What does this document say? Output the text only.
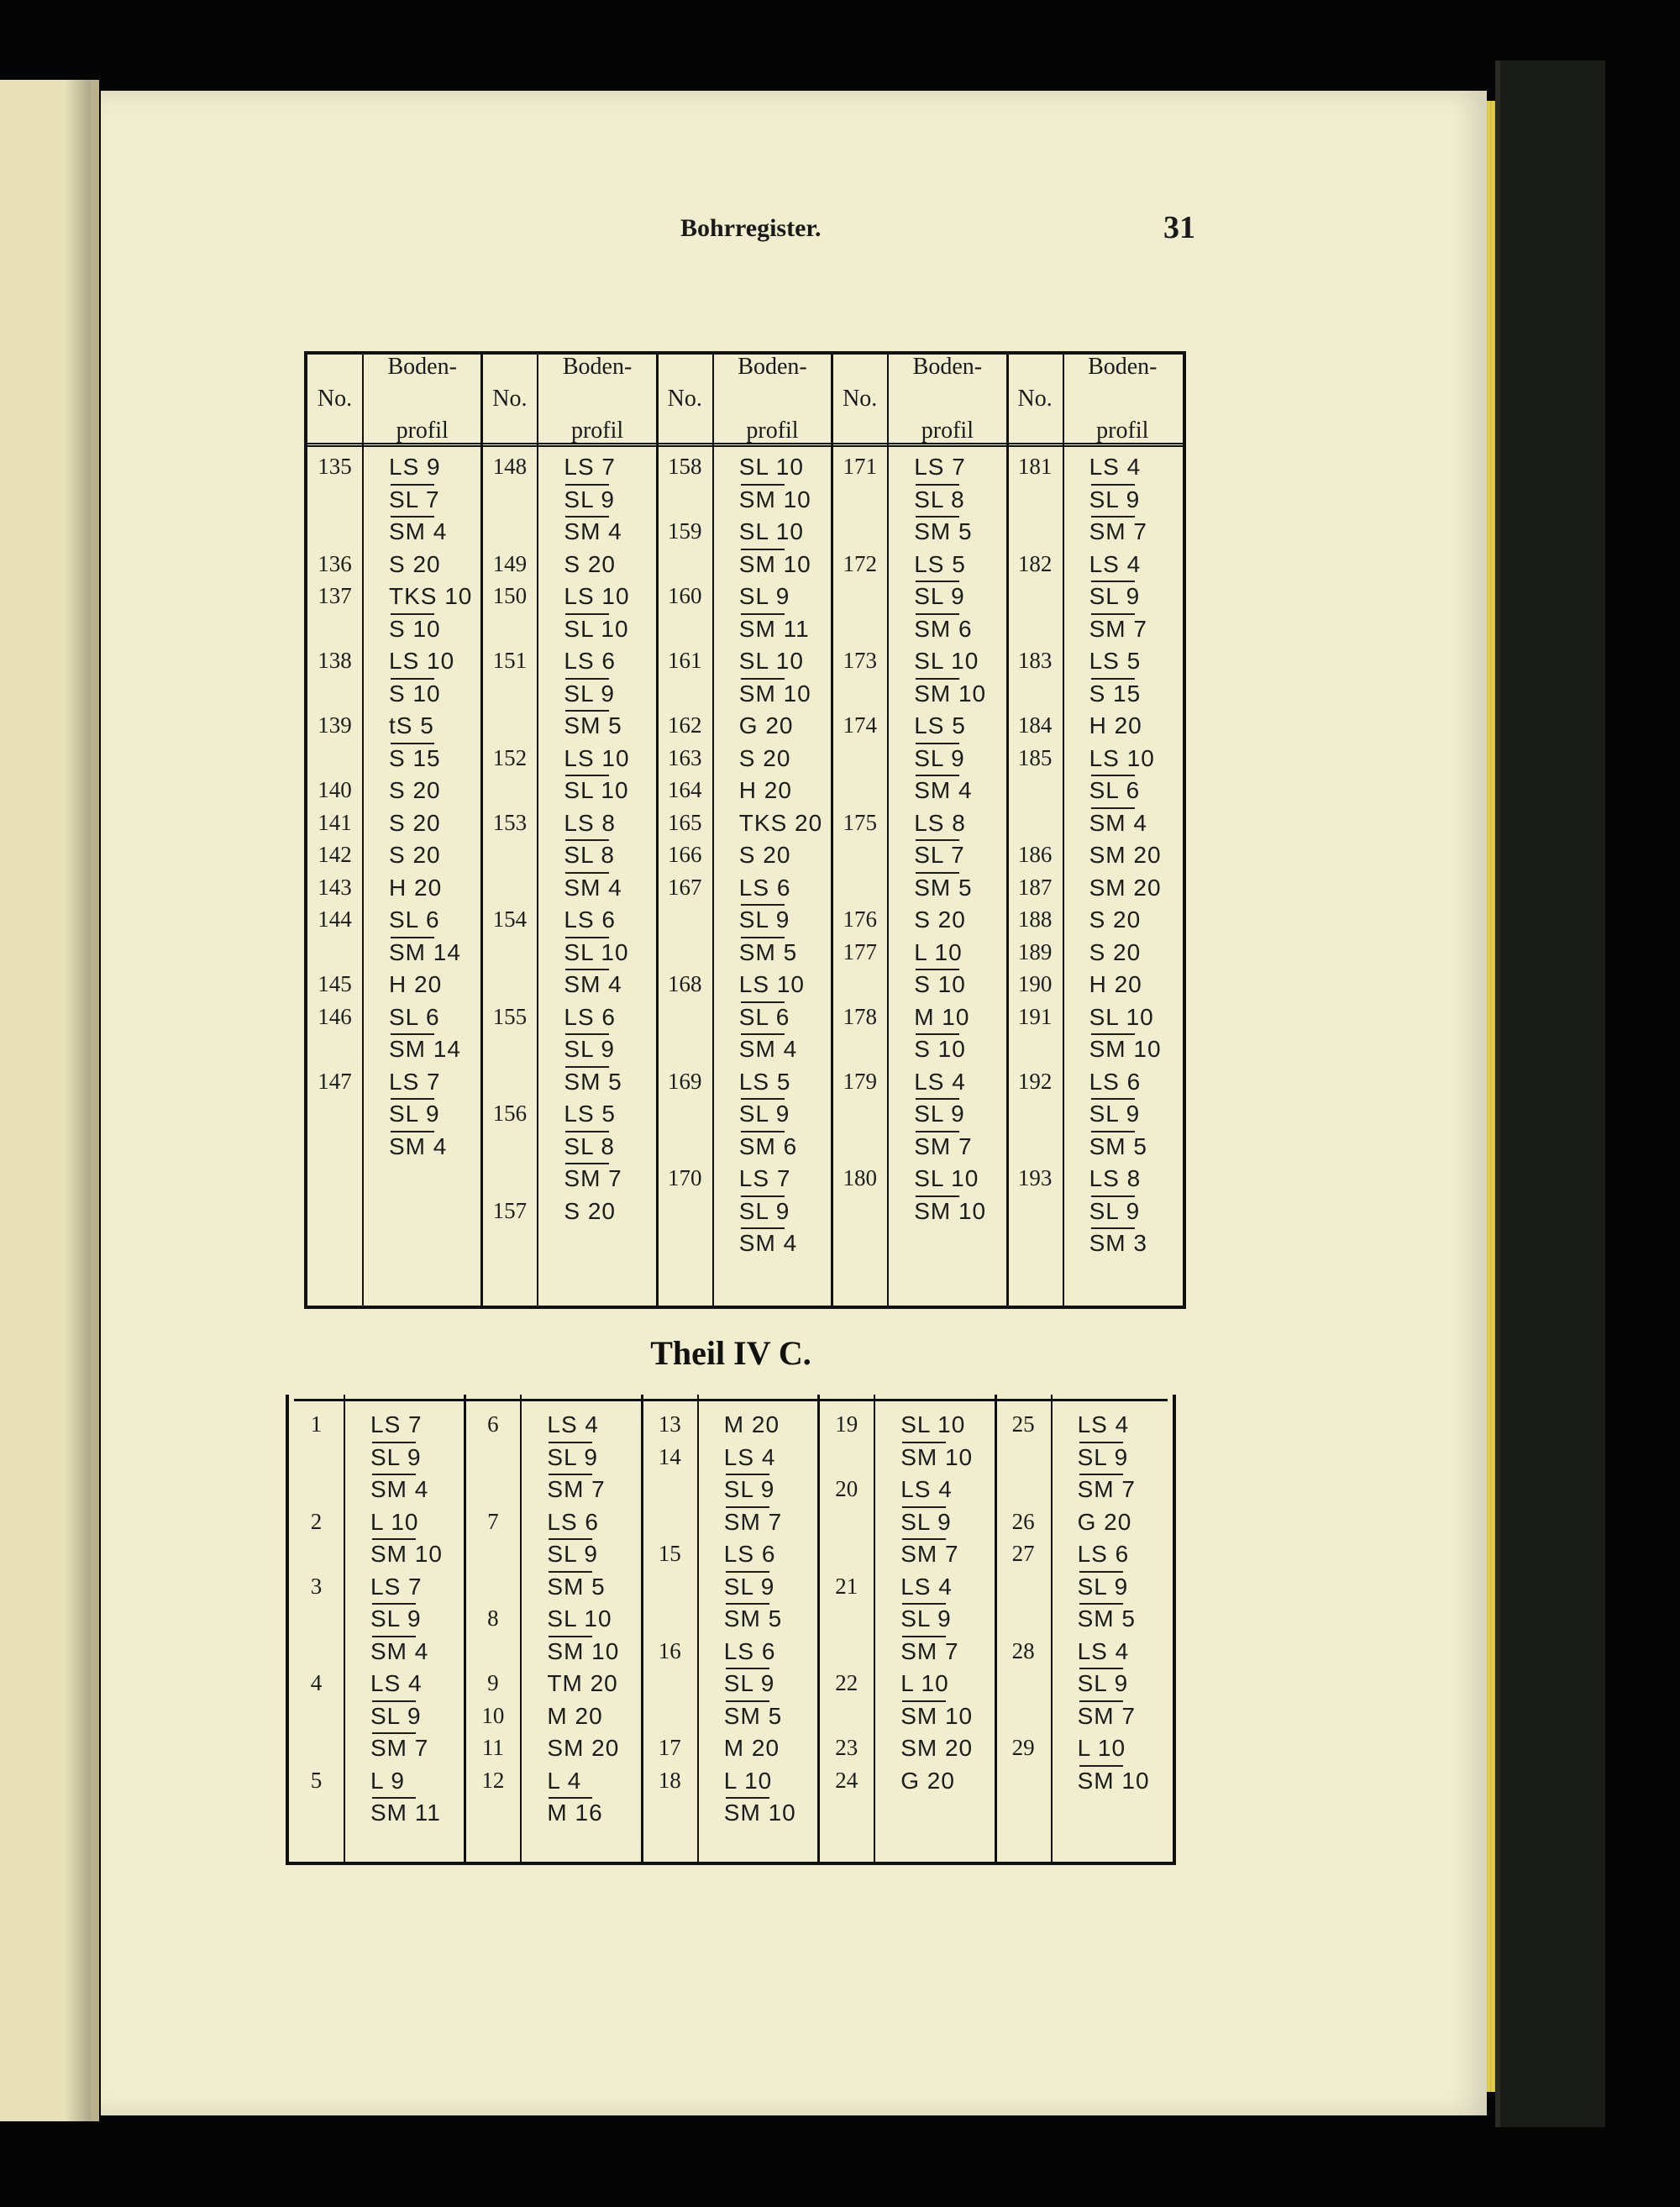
Bohrregister.	31
No.
Boden-

profil
No.
Boden-

profil
No.
Boden-

profil
No.
Boden-

profil
No.
Boden-

profil
135	LS 9
SL 7
SM 4
136	S 20
137	TKS 10
S 10
138	LS 10
S 10
139	tS 5
S 15
140	S 20
141	S 20
142	S 20
143	H 20
144	SL 6
SM 14
145	H 20
146	SL 6
SM 14
147	LS 7
SL 9
SM 4
148	LS 7
SL 9
SM 4
149	S 20
150	LS 10
SL 10
151	LS 6
SL 9
SM 5
152	LS 10
SL 10
153	LS 8
SL 8
SM 4
154	LS 6
SL 10
SM 4
155	LS 6
SL 9
SM 5
156	LS 5
SL 8
SM 7
157	S 20
158	SL 10
SM 10
159	SL 10
SM 10
160	SL 9
SM 11
161	SL 10
SM 10
162	G 20
163	S 20
164	H 20
165	TKS 20
166	S 20
167	LS 6
SL 9
SM 5
168	LS 10
SL 6
SM 4
169	LS 5
SL 9
SM 6
170	LS 7
SL 9
SM 4
171	LS 7
SL 8
SM 5
172	LS 5
SL 9
SM 6
173	SL 10
SM 10
174	LS 5
SL 9
SM 4
175	LS 8
SL 7
SM 5
176	S 20
177	L 10
S 10
178	M 10
S 10
179	LS 4
SL 9
SM 7
180	SL 10
SM 10
181	LS 4
SL 9
SM 7
182	LS 4
SL 9
SM 7
183	LS 5
S 15
184	H 20
185	LS 10
SL 6
SM 4
186	SM 20
187	SM 20
188	S 20
189	S 20
190	H 20
191	SL 10
SM 10
192	LS 6
SL 9
SM 5
193	LS 8
SL 9
SM 3
Theil IV C.
1	LS 7
SL 9
SM 4
2	L 10
SM 10
3	LS 7
SL 9
SM 4
4	LS 4
SL 9
SM 7
5	L 9
SM 11
6	LS 4
SL 9
SM 7
7	LS 6
SL 9
SM 5
8	SL 10
SM 10
9	TM 20
10	M 20
11	SM 20
12	L 4
M 16
13	M 20
14	LS 4
SL 9
SM 7
15	LS 6
SL 9
SM 5
16	LS 6
SL 9
SM 5
17	M 20
18	L 10
SM 10
19	SL 10
SM 10
20	LS 4
SL 9
SM 7
21	LS 4
SL 9
SM 7
22	L 10
SM 10
23	SM 20
24	G 20
25	LS 4
SL 9
SM 7
26	G 20
27	LS 6
SL 9
SM 5
28	LS 4
SL 9
SM 7
29	L 10
SM 10
